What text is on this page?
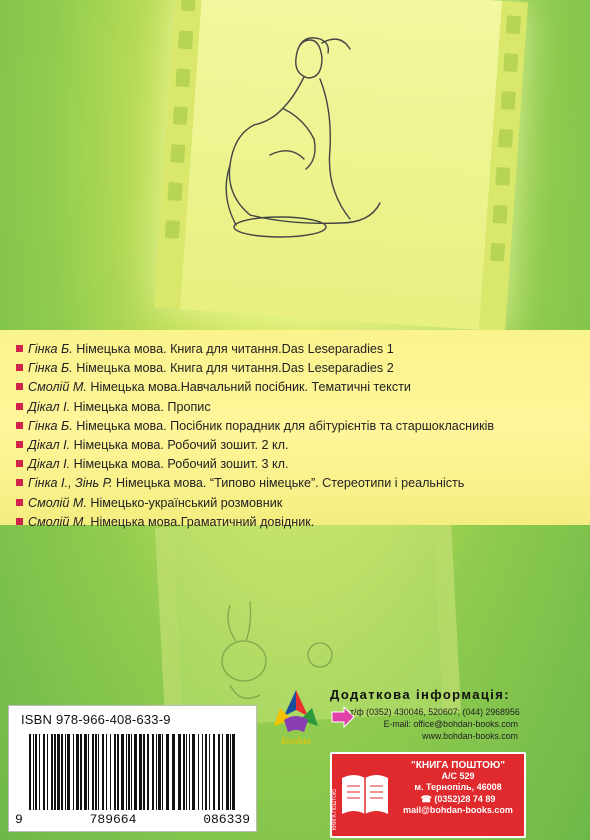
Гінка Б. Німецька мова. Книга для читання.Das Leseparadies 1
Гінка Б. Німецька мова. Книга для читання.Das Leseparadies 2
Смолій М. Німецька мова.Навчальний посібник. Тематичні тексти
Дікал І. Німецька мова. Пропис
Гінка Б. Німецька мова. Посібник порадник для абітурієнтів та старшокласників
Дікал І. Німецька мова. Робочий зошит. 2 кл.
Дікал І. Німецька мова. Робочий зошит. 3 кл.
Гінка І., Зінь Р. Німецька мова. “Типово німецьке”. Стереотипи і реальність
Смолій М. Німецько-український розмовник
Смолій М. Німецька мова.Граматичний довідник.
ISBN 978-966-408-633-9
9	789664	086339
Богдан
Додаткова інформація:
т/ф (0352) 430046, 520607; (044) 2968956
E-mail: office@bohdan-books.com
www.bohdan-books.com
КНИГА ПОШТОЮ
"КНИГА ПОШТОЮ"
А/С 529
м. Тернопіль, 46008
☎ (0352)28 74 89
mail@bohdan-books.com
